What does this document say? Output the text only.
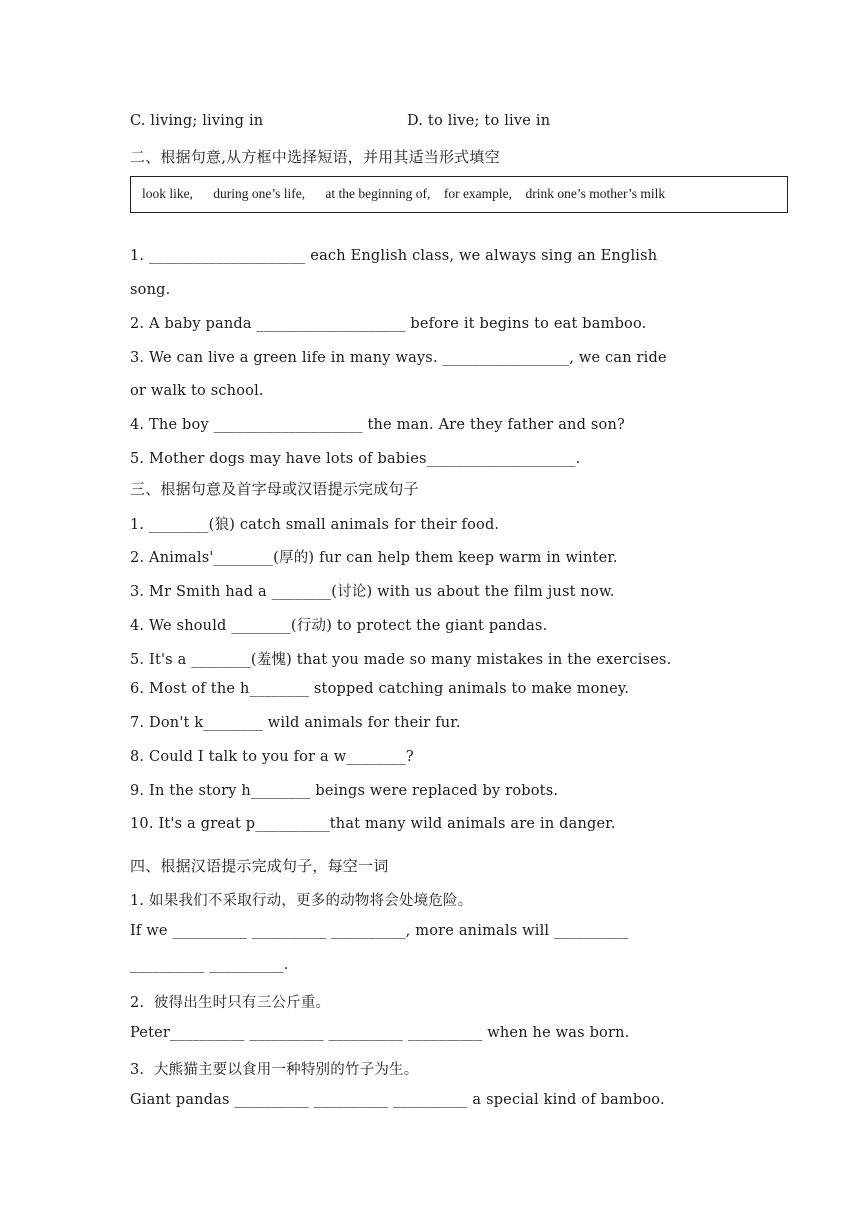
C. living; living in	D. to live; to live in
二、根据句意,从方框中选择短语，并用其适当形式填空
look like,      during one’s life,      at the beginning of,    for example,    drink one’s mother’s milk
1. _____________________ each English class, we always sing an English
song.
2. A baby panda ____________________ before it begins to eat bamboo.
3. We can live a green life in many ways. _________________, we can ride
or walk to school.
4. The boy ____________________ the man. Are they father and son?
5. Mother dogs may have lots of babies____________________.
三、根据句意及首字母或汉语提示完成句子
1. ________(狼) catch small animals for their food.
2. Animals'________(厚的) fur can help them keep warm in winter.
3. Mr Smith had a ________(讨论) with us about the film just now.
4. We should ________(行动) to protect the giant pandas.
5. It's a ________(羞愧) that you made so many mistakes in the exercises.
6. Most of the h________ stopped catching animals to make money.
7. Don't k________ wild animals for their fur.
8. Could I talk to you for a w________?
9. In the story h________ beings were replaced by robots.
10. It's a great p__________that many wild animals are in danger.
四、根据汉语提示完成句子，每空一词
1. 如果我们不采取行动，更多的动物将会处境危险。
If we __________ __________ __________, more animals will __________
__________ __________.
2.  彼得出生时只有三公斤重。
Peter__________ __________ __________ __________ when he was born.
3.  大熊猫主要以食用一种特别的竹子为生。
Giant pandas __________ __________ __________ a special kind of bamboo.
